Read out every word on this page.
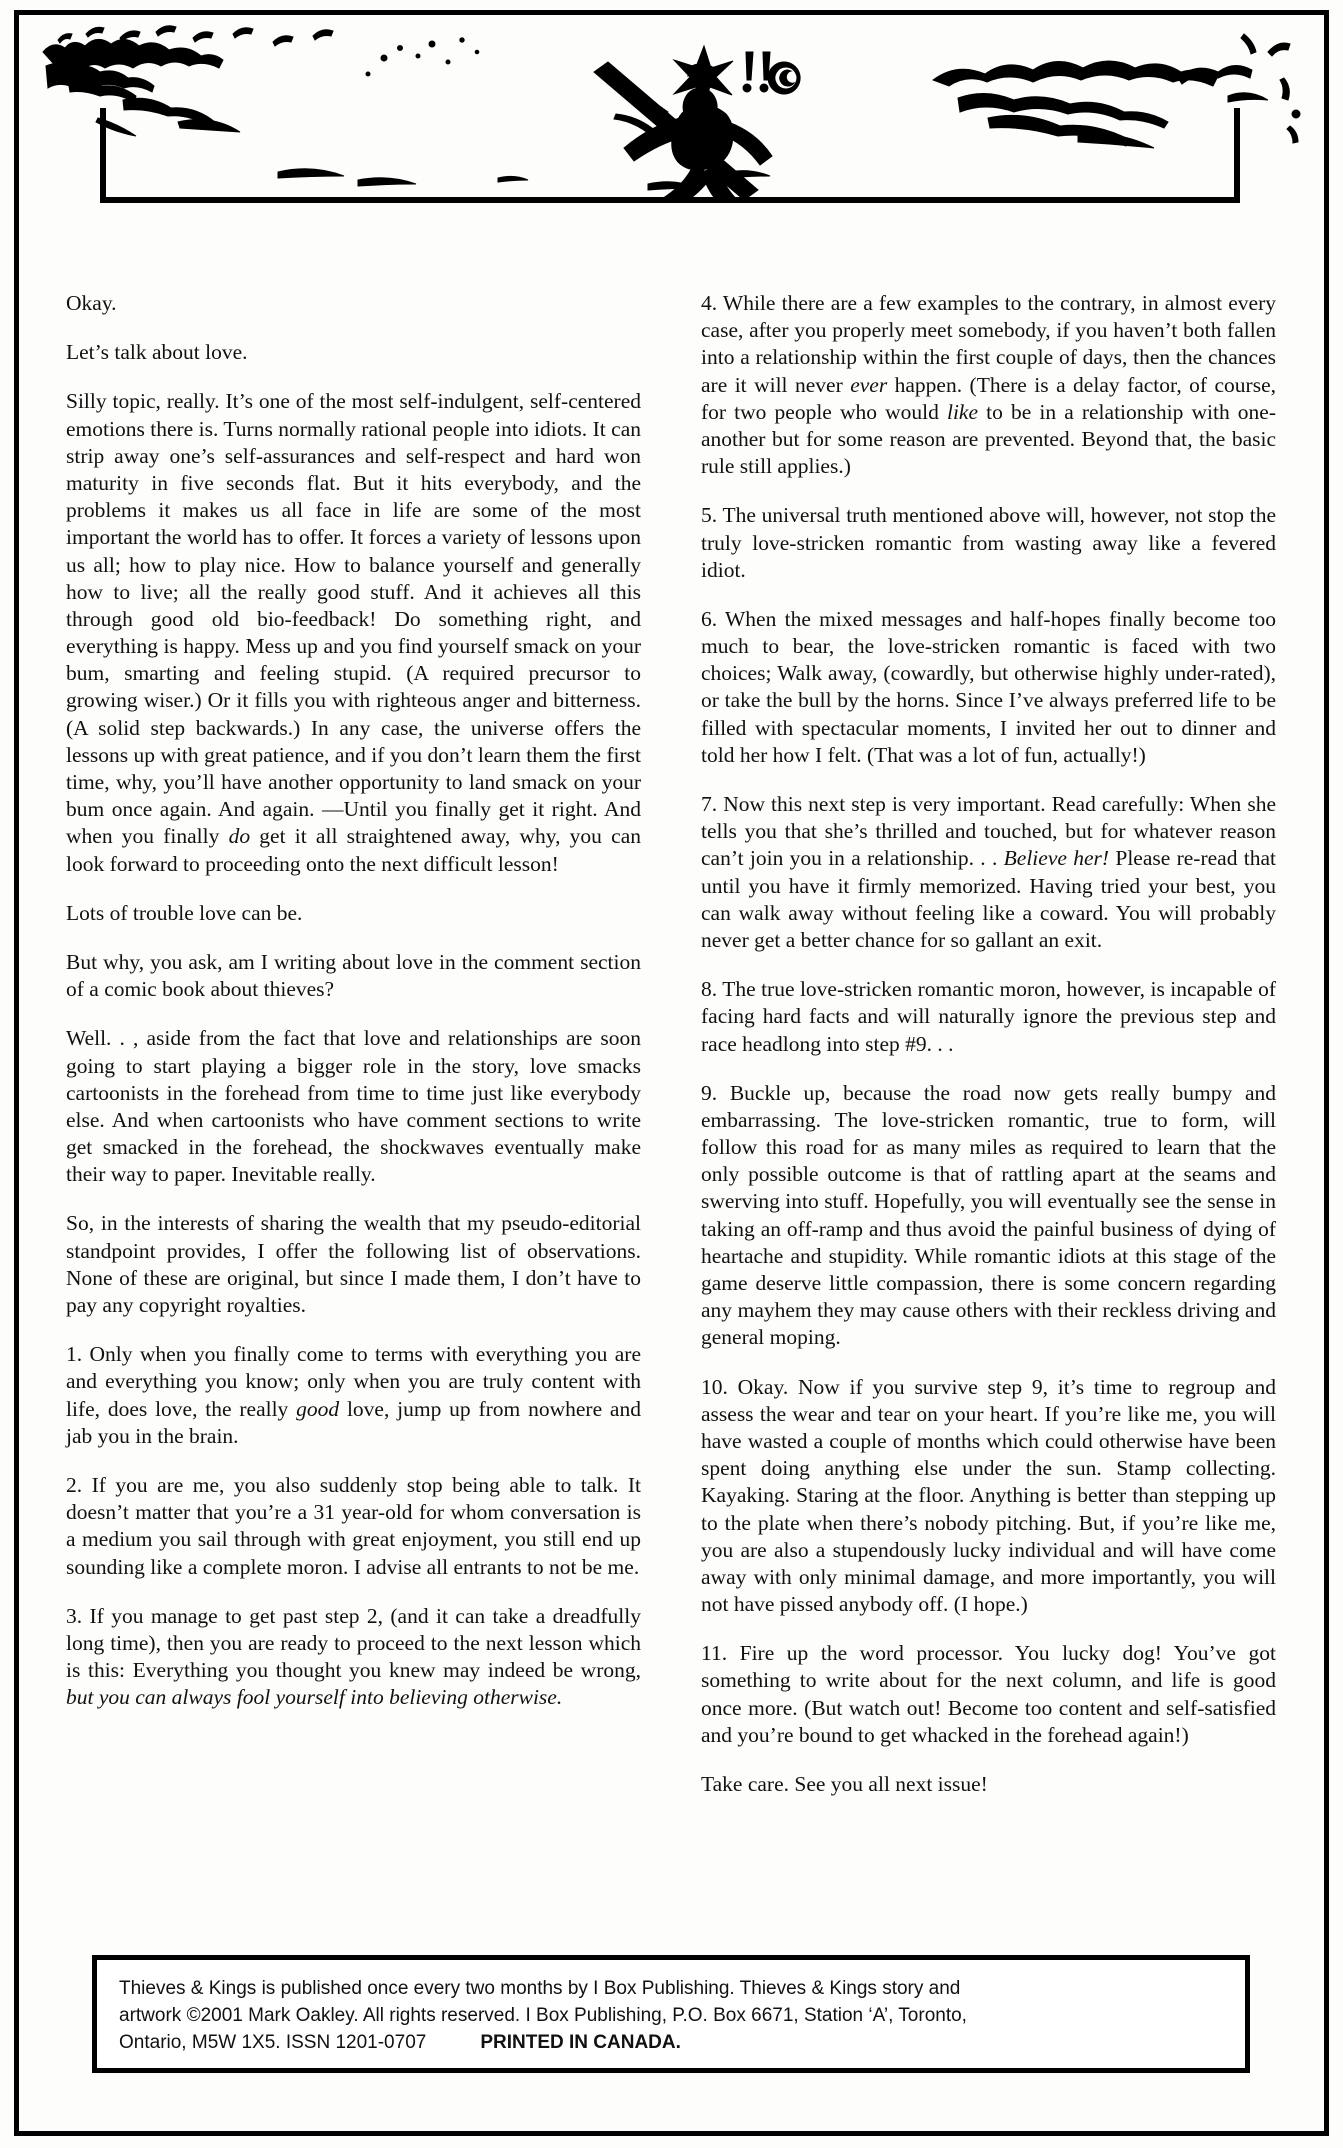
Okay.

Let’s talk about love.

Silly topic, really. It’s one of the most self-indulgent, self-centered emotions there is. Turns normally rational people into idiots. It can strip away one’s self-assurances and self-respect and hard won maturity in five seconds flat. But it hits everybody, and the problems it makes us all face in life are some of the most important the world has to offer. It forces a variety of lessons upon us all; how to play nice. How to balance yourself and generally how to live; all the really good stuff. And it achieves all this through good old bio-feedback! Do something right, and everything is happy. Mess up and you find yourself smack on your bum, smarting and feeling stupid. (A required precursor to growing wiser.) Or it fills you with righteous anger and bitterness. (A solid step backwards.) In any case, the universe offers the lessons up with great patience, and if you don’t learn them the first time, why, you’ll have another opportunity to land smack on your bum once again. And again. —Until you finally get it right. And when you finally do get it all straightened away, why, you can look forward to proceeding onto the next difficult lesson!

Lots of trouble love can be.

But why, you ask, am I writing about love in the comment section of a comic book about thieves?

Well. . , aside from the fact that love and relationships are soon going to start playing a bigger role in the story, love smacks cartoonists in the forehead from time to time just like everybody else. And when cartoonists who have comment sections to write get smacked in the forehead, the shockwaves eventually make their way to paper. Inevitable really.

So, in the interests of sharing the wealth that my pseudo-editorial standpoint provides, I offer the following list of observations. None of these are original, but since I made them, I don’t have to pay any copyright royalties.

1. Only when you finally come to terms with everything you are and everything you know; only when you are truly content with life, does love, the really good love, jump up from nowhere and jab you in the brain.

2. If you are me, you also suddenly stop being able to talk. It doesn’t matter that you’re a 31 year-old for whom conversation is a medium you sail through with great enjoyment, you still end up sounding like a complete moron. I advise all entrants to not be me.

3. If you manage to get past step 2, (and it can take a dreadfully long time), then you are ready to proceed to the next lesson which is this: Everything you thought you knew may indeed be wrong, but you can always fool yourself into believing otherwise.

4. While there are a few examples to the contrary, in almost every case, after you properly meet somebody, if you haven’t both fallen into a relationship within the first couple of days, then the chances are it will never ever happen. (There is a delay factor, of course, for two people who would like to be in a relationship with one-another but for some reason are prevented. Beyond that, the basic rule still applies.)

5. The universal truth mentioned above will, however, not stop the truly love-stricken romantic from wasting away like a fevered idiot.

6. When the mixed messages and half-hopes finally become too much to bear, the love-stricken romantic is faced with two choices; Walk away, (cowardly, but otherwise highly under-rated), or take the bull by the horns. Since I’ve always preferred life to be filled with spectacular moments, I invited her out to dinner and told her how I felt. (That was a lot of fun, actually!)

7. Now this next step is very important. Read carefully: When she tells you that she’s thrilled and touched, but for whatever reason can’t join you in a relationship. . . Believe her! Please re-read that until you have it firmly memorized. Having tried your best, you can walk away without feeling like a coward. You will probably never get a better chance for so gallant an exit.

8. The true love-stricken romantic moron, however, is incapable of facing hard facts and will naturally ignore the previous step and race headlong into step #9. . .

9. Buckle up, because the road now gets really bumpy and embarrassing. The love-stricken romantic, true to form, will follow this road for as many miles as required to learn that the only possible outcome is that of rattling apart at the seams and swerving into stuff. Hopefully, you will eventually see the sense in taking an off-ramp and thus avoid the painful business of dying of heartache and stupidity. While romantic idiots at this stage of the game deserve little compassion, there is some concern regarding any mayhem they may cause others with their reckless driving and general moping.

10. Okay. Now if you survive step 9, it’s time to regroup and assess the wear and tear on your heart. If you’re like me, you will have wasted a couple of months which could otherwise have been spent doing anything else under the sun. Stamp collecting. Kayaking. Staring at the floor. Anything is better than stepping up to the plate when there’s nobody pitching. But, if you’re like me, you are also a stupendously lucky individual and will have come away with only minimal damage, and more importantly, you will not have pissed anybody off. (I hope.)

11. Fire up the word processor. You lucky dog! You’ve got something to write about for the next column, and life is good once more. (But watch out! Become too content and self-satisfied and you’re bound to get whacked in the forehead again!)

Take care. See you all next issue!

Thieves & Kings is published once every two months by I Box Publishing. Thieves & Kings story and
artwork ©2001 Mark Oakley. All rights reserved. I Box Publishing, P.O. Box 6671, Station ‘A’, Toronto,
Ontario, M5W 1X5. ISSN 1201-0707	PRINTED IN CANADA.
